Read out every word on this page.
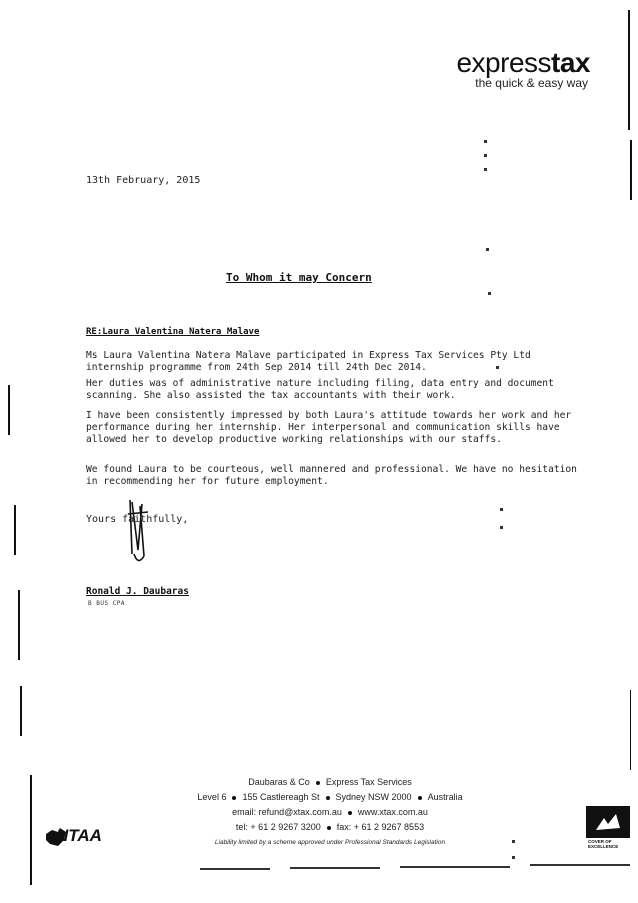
expresstax
the quick & easy way
13th February, 2015
To Whom it may Concern
RE:Laura Valentina Natera Malave
Ms Laura Valentina Natera Malave participated in Express Tax Services Pty Ltd internship programme from 24th Sep 2014 till 24th Dec 2014.
Her duties was of administrative nature including filing, data entry and document scanning. She also assisted the tax accountants with their work.
I have been consistently impressed by both Laura's attitude towards her work and her performance during her internship. Her interpersonal and communication skills have allowed her to develop productive working relationships with our staffs.
We found Laura to be courteous, well mannered and professional. We have no hesitation in recommending her for future employment.
Yours faithfully,
Ronald J. Daubaras
B BUS CPA
Daubaras & Co Express Tax Services
Level 6 155 Castlereagh St Sydney NSW 2000 Australia
email: refund@xtax.com.au www.xtax.com.au
tel: + 61 2 9267 3200 fax: + 61 2 9267 8553
Liability limited by a scheme approved under Professional Standards Legislation
NTAA	COVER OF
EXCELLENCE
